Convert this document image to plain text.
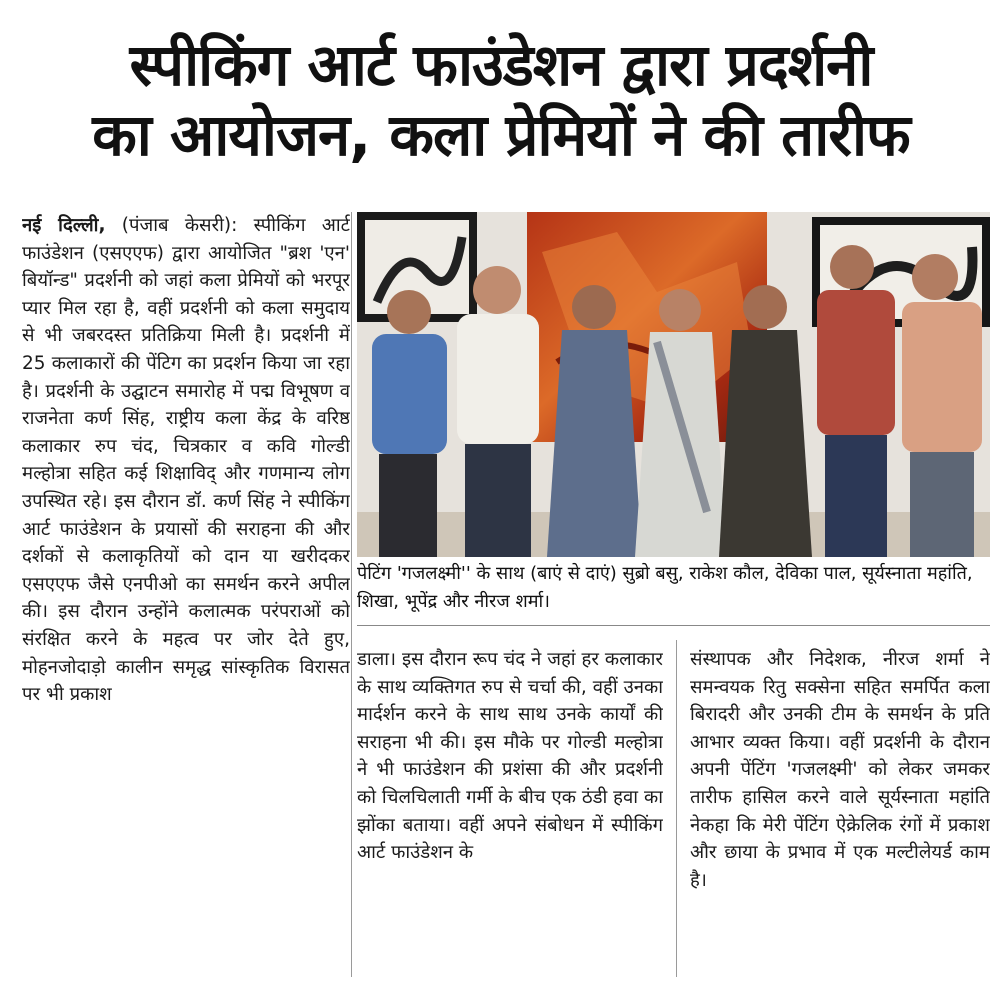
स्पीकिंग आर्ट फाउंडेशन द्वारा प्रदर्शनी
का आयोजन, कला प्रेमियों ने की तारीफ
नई दिल्ली, (पंजाब केसरी): स्पीकिंग आर्ट फाउंडेशन (एसएएफ) द्वारा आयोजित "ब्रश 'एन' बियॉन्ड" प्रदर्शनी को जहां कला प्रेमियों को भरपूर प्यार मिल रहा है, वहीं प्रदर्शनी को कला समुदाय से भी जबरदस्त प्रतिक्रिया मिली है। प्रदर्शनी में 25 कलाकारों की पेंटिग का प्रदर्शन किया जा रहा है। प्रदर्शनी के उद्घाटन समारोह में पद्म विभूषण व राजनेता कर्ण सिंह, राष्ट्रीय कला केंद्र के वरिष्ठ कलाकार रुप चंद, चित्रकार व कवि गोल्डी मल्होत्रा सहित कई शिक्षाविद् और गणमान्य लोग उपस्थित रहे। इस दौरान डॉ. कर्ण सिंह ने स्पीकिंग आर्ट फाउंडेशन के प्रयासों की सराहना की और दर्शकों से कलाकृतियों को दान या खरीदकर एसएएफ जैसे एनपीओ का समर्थन करने अपील की। इस दौरान उन्होंने कलात्मक परंपराओं को संरक्षित करने के महत्व पर जोर देते हुए, मोहनजोदाड़ो कालीन समृद्ध सांस्कृतिक विरासत पर भी प्रकाश
पेटिंग 'गजलक्ष्मी'' के साथ (बाएं से दाएं) सुब्रो बसु, राकेश कौल, देविका पाल, सूर्यस्नाता महांति, शिखा, भूपेंद्र और नीरज शर्मा।
डाला। इस दौरान रूप चंद ने जहां हर कलाकार के साथ व्यक्तिगत रुप से चर्चा की, वहीं उनका मार्दर्शन करने के साथ साथ उनके कार्यों की सराहना भी की। इस मौके पर गोल्डी मल्होत्रा ने भी फाउंडेशन की प्रशंसा की और प्रदर्शनी को चिलचिलाती गर्मी के बीच एक ठंडी हवा का झोंका बताया। वहीं अपने संबोधन में स्पीकिंग आर्ट फाउंडेशन के
संस्थापक और निदेशक, नीरज शर्मा ने समन्वयक रितु सक्सेना सहित समर्पित कला बिरादरी और उनकी टीम के समर्थन के प्रति आभार व्यक्त किया। वहीं प्रदर्शनी के दौरान अपनी पेंटिंग 'गजलक्ष्मी' को लेकर जमकर तारीफ हासिल करने वाले सूर्यस्नाता महांति नेकहा कि मेरी पेंटिंग ऐक्रेलिक रंगों में प्रकाश और छाया के प्रभाव में एक मल्टीलेयर्ड काम है।
